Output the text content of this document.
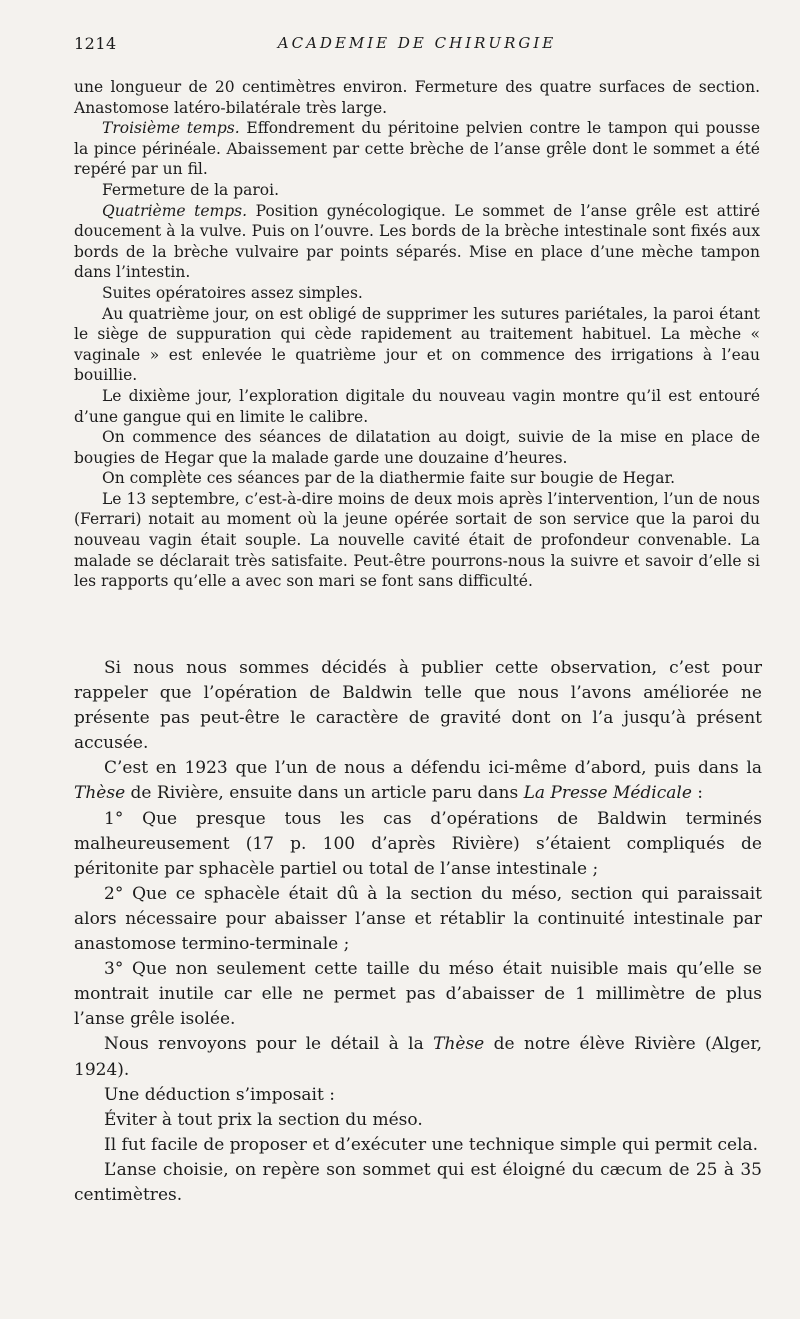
1214	ACADEMIE DE CHIRURGIE

une longueur de 20 centimètres environ. Fermeture des quatre surfaces de section. Anastomose latéro-bilatérale très large.

Troisième temps. Effondrement du péritoine pelvien contre le tampon qui pousse la pince périnéale. Abaissement par cette brèche de l’anse grêle dont le sommet a été repéré par un fil.

Fermeture de la paroi.

Quatrième temps. Position gynécologique. Le sommet de l’anse grêle est attiré doucement à la vulve. Puis on l’ouvre. Les bords de la brèche intestinale sont fixés aux bords de la brèche vulvaire par points séparés. Mise en place d’une mèche tampon dans l’intestin.

Suites opératoires assez simples.

Au quatrième jour, on est obligé de supprimer les sutures pariétales, la paroi étant le siège de suppuration qui cède rapidement au traitement habituel. La mèche « vaginale » est enlevée le quatrième jour et on commence des irrigations à l’eau bouillie.

Le dixième jour, l’exploration digitale du nouveau vagin montre qu’il est entouré d’une gangue qui en limite le calibre.

On commence des séances de dilatation au doigt, suivie de la mise en place de bougies de Hegar que la malade garde une douzaine d’heures.

On complète ces séances par de la diathermie faite sur bougie de Hegar.

Le 13 septembre, c’est-à-dire moins de deux mois après l’intervention, l’un de nous (Ferrari) notait au moment où la jeune opérée sortait de son service que la paroi du nouveau vagin était souple. La nouvelle cavité était de profondeur convenable. La malade se déclarait très satisfaite. Peut-être pourrons-nous la suivre et savoir d’elle si les rapports qu’elle a avec son mari se font sans difficulté.

Si nous nous sommes décidés à publier cette observation, c’est pour rappeler que l’opération de Baldwin telle que nous l’avons améliorée ne présente pas peut-être le caractère de gravité dont on l’a jusqu’à présent accusée.

C’est en 1923 que l’un de nous a défendu ici-même d’abord, puis dans la Thèse de Rivière, ensuite dans un article paru dans La Presse Médicale :

1° Que presque tous les cas d’opérations de Baldwin terminés malheureusement (17 p. 100 d’après Rivière) s’étaient compliqués de péritonite par sphacèle partiel ou total de l’anse intestinale ;

2° Que ce sphacèle était dû à la section du méso, section qui paraissait alors nécessaire pour abaisser l’anse et rétablir la continuité intestinale par anastomose termino-terminale ;

3° Que non seulement cette taille du méso était nuisible mais qu’elle se montrait inutile car elle ne permet pas d’abaisser de 1 millimètre de plus l’anse grêle isolée.

Nous renvoyons pour le détail à la Thèse de notre élève Rivière (Alger, 1924).

Une déduction s’imposait :

Éviter à tout prix la section du méso.

Il fut facile de proposer et d’exécuter une technique simple qui permit cela.

L’anse choisie, on repère son sommet qui est éloigné du cæcum de 25 à 35 centimètres.
